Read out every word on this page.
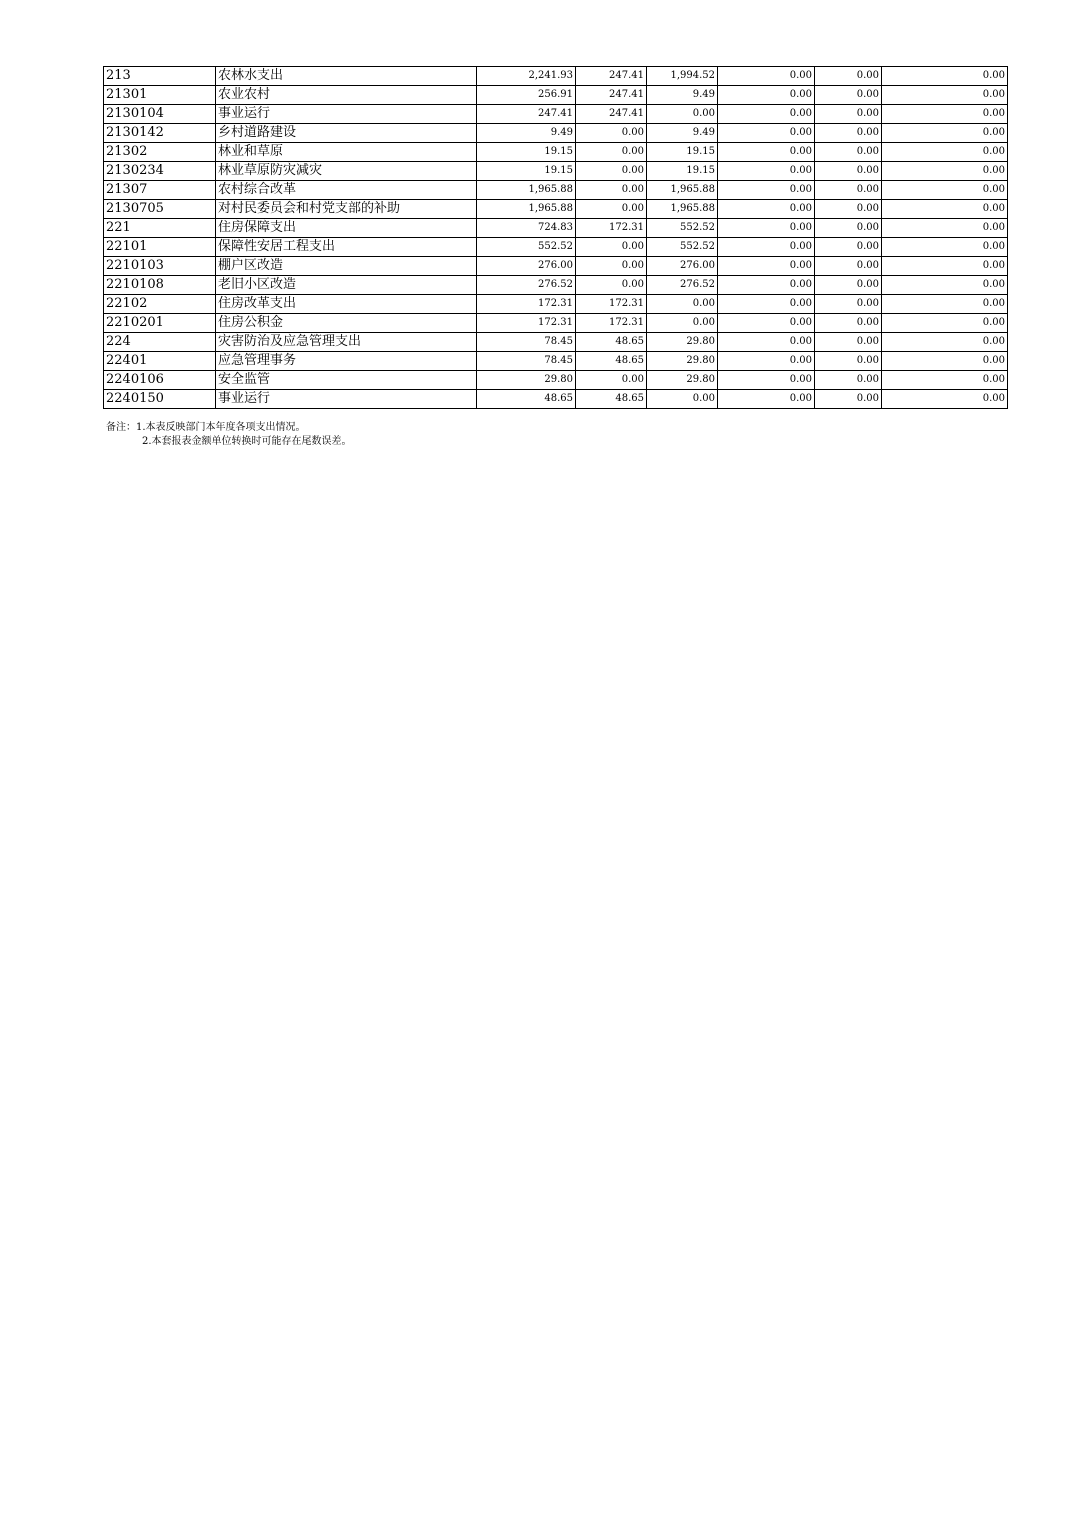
213	农林水支出	2,241.93	247.41	1,994.52	0.00	0.00	0.00
21301	农业农村	256.91	247.41	9.49	0.00	0.00	0.00
2130104	事业运行	247.41	247.41	0.00	0.00	0.00	0.00
2130142	乡村道路建设	9.49	0.00	9.49	0.00	0.00	0.00
21302	林业和草原	19.15	0.00	19.15	0.00	0.00	0.00
2130234	林业草原防灾减灾	19.15	0.00	19.15	0.00	0.00	0.00
21307	农村综合改革	1,965.88	0.00	1,965.88	0.00	0.00	0.00
2130705	对村民委员会和村党支部的补助	1,965.88	0.00	1,965.88	0.00	0.00	0.00
221	住房保障支出	724.83	172.31	552.52	0.00	0.00	0.00
22101	保障性安居工程支出	552.52	0.00	552.52	0.00	0.00	0.00
2210103	棚户区改造	276.00	0.00	276.00	0.00	0.00	0.00
2210108	老旧小区改造	276.52	0.00	276.52	0.00	0.00	0.00
22102	住房改革支出	172.31	172.31	0.00	0.00	0.00	0.00
2210201	住房公积金	172.31	172.31	0.00	0.00	0.00	0.00
224	灾害防治及应急管理支出	78.45	48.65	29.80	0.00	0.00	0.00
22401	应急管理事务	78.45	48.65	29.80	0.00	0.00	0.00
2240106	安全监管	29.80	0.00	29.80	0.00	0.00	0.00
2240150	事业运行	48.65	48.65	0.00	0.00	0.00	0.00
备注：1.本表反映部门本年度各项支出情况。
2.本套报表金额单位转换时可能存在尾数误差。
